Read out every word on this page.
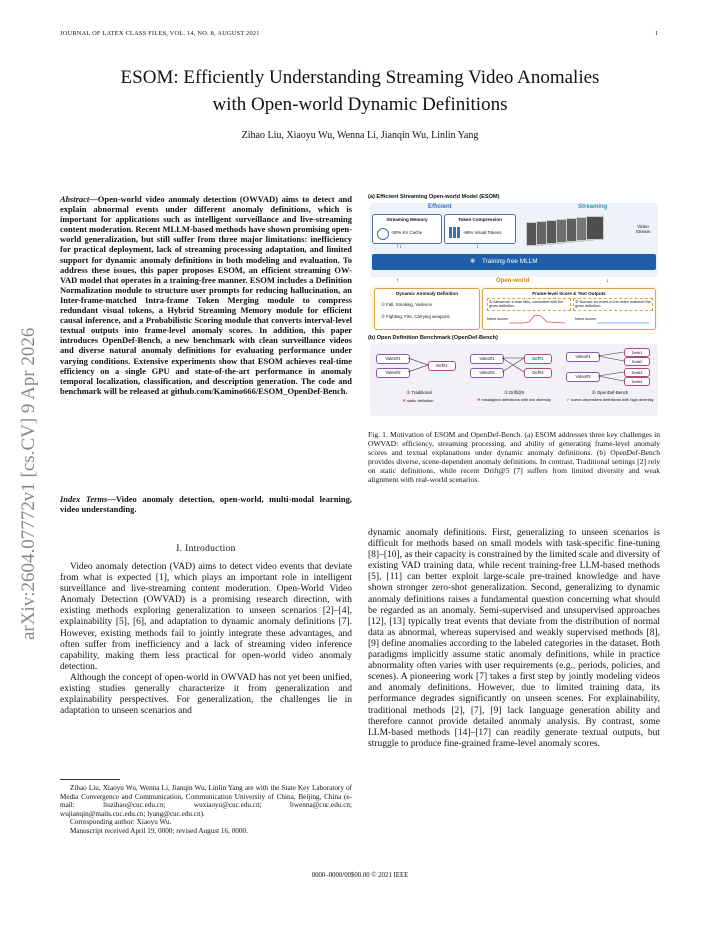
JOURNAL OF LATEX CLASS FILES, VOL. 14, NO. 8, AUGUST 2021	1
arXiv:2604.07772v1 [cs.CV] 9 Apr 2026
ESOM: Efficiently Understanding Streaming Video Anomalies
with Open-world Dynamic Definitions
Zihao Liu, Xiaoyu Wu, Wenna Li, Jianqin Wu, Linlin Yang
Abstract—Open-world video anomaly detection (OWVAD) aims to detect and explain abnormal events under different anomaly definitions, which is important for applications such as intelligent surveillance and live-streaming content moderation. Recent MLLM-based methods have shown promising open-world generalization, but still suffer from three major limitations: inefficiency for practical deployment, lack of streaming processing adaptation, and limited support for dynamic anomaly definitions in both modeling and evaluation. To address these issues, this paper proposes ESOM, an efficient streaming OW-VAD model that operates in a training-free manner. ESOM includes a Definition Normalization module to structure user prompts for reducing hallucination, an Inter-frame-matched Intra-frame Token Merging module to compress redundant visual tokens, a Hybrid Streaming Memory module for efficient causal inference, and a Probabilistic Scoring module that converts interval-level textual outputs into frame-level anomaly scores. In addition, this paper introduces OpenDef-Bench, a new benchmark with clean surveillance videos and diverse natural anomaly definitions for evaluating performance under varying conditions. Extensive experiments show that ESOM achieves real-time efficiency on a single GPU and state-of-the-art performance in anomaly temporal localization, classification, and description generation. The code and benchmark will be released at github.com/Kamino666/ESOM_OpenDef-Bench.
Index Terms—Video anomaly detection, open-world, multi-modal learning, video understanding.
I. Introduction

Video anomaly detection (VAD) aims to detect video events that deviate from what is expected [1], which plays an important role in intelligent surveillance and live-streaming content moderation. Open-World Video Anomaly Detection (OWVAD) is a promising research direction, with existing methods exploring generalization to unseen scenarios [2]–[4], explainability [5], [6], and adaptation to dynamic anomaly definitions [7]. However, existing methods fail to jointly integrate these advantages, and often suffer from inefficiency and a lack of streaming video inference capability, making them less practical for open-world video anomaly detection.

Although the concept of open-world in OWVAD has not yet been unified, existing studies generally characterize it from generalization and explainability perspectives. For generalization, the challenges lie in adaptation to unseen scenarios and

Zihao Liu, Xiaoyu Wu, Wenna Li, Jianqin Wu, Linlin Yang are with the State Key Laboratory of Media Convergence and Communication, Communication University of China, Beijing, China (e-mail: liuzihao@cuc.edu.cn; wuxiaoyu@cuc.edu.cn; liwenna@cuc.edu.cn; wujianqin@mails.cuc.edu.cn; lyang@cuc.edu.cn).

Corresponding author: Xiaoyu Wu.

Manuscript received April 19, 0000; revised August 16, 0000.

0000–0000/00$00.00 © 2021 IEEE

dynamic anomaly definitions. First, generalizing to unseen scenarios is difficult for methods based on small models with task-specific fine-tuning [8]–[10], as their capacity is constrained by the limited scale and diversity of existing VAD training data, while recent training-free LLM-based methods [5], [11] can better exploit large-scale pre-trained knowledge and have shown stronger zero-shot generalization. Second, generalizing to dynamic anomaly definitions raises a fundamental question concerning what should be regarded as an anomaly. Semi-supervised and unsupervised approaches [12], [13] typically treat events that deviate from the distribution of normal data as abnormal, whereas supervised and weakly supervised methods [8], [9] define anomalies according to the labeled categories in the dataset. Both paradigms implicitly assume static anomaly definitions, while in practice abnormality often varies with user requirements (e.g., periods, policies, and scenes). A pioneering work [7] takes a first step by jointly modeling videos and anomaly definitions. However, due to limited training data, its performance degrades significantly on unseen scenes. For explainability, traditional methods [2], [7], [9] lack language generation ability and therefore cannot provide detailed anomaly analysis. By contrast, some LLM-based methods [14]–[17] can readily generate textual outputs, but struggle to produce fine-grained frame-level anomaly scores.

Fig. 1. Motivation of ESOM and OpenDef-Bench. (a) ESOM addresses three key challenges in OWVAD: efficiency, streaming processing, and ability of generating frame-level anomaly scores and textual explanations under dynamic anomaly definitions. (b) OpenDef-Bench provides diverse, scene-dependent anomaly definitions. In contrast, Traditional settings [2] rely on static definitions, while recent Drift@5 [7] suffers from limited diversity and weak alignment with real-world scenarios.
(a) Efficient Streaming Open-world Model (ESOM)
Efficient	Streaming
Streaming Memory
-50% KV Cache
Token Compression
-65% Visual Tokens
Video Stream
↑↓	↓
❄ Training-free MLLM
↑	Open-world	↓
Dynamic Anomaly Definition
① Fall, Smoking, Violence
② Fighting, Fire, Carrying weapons
Frame-level Score & Text Outputs
① Abnormal: a man falls, consistent with the given definition.
② Normal: no event in the video matched the given definition.
frame scores	frame scores
(b) Open Definition Benchmark (OpenDef-Bench)
Video#1
Video#2
Def#1
① Traditional
✖ static definition
Video#1
Video#2
Def#1
Def#2
② Drift@5
✖ misaligned definitions with low diversity
Video#1
Video#2
Def#1
Def#2
Def#3
Def#4
③ OpenDef-Bench
✔ scene-dependent definitions with high diversity
